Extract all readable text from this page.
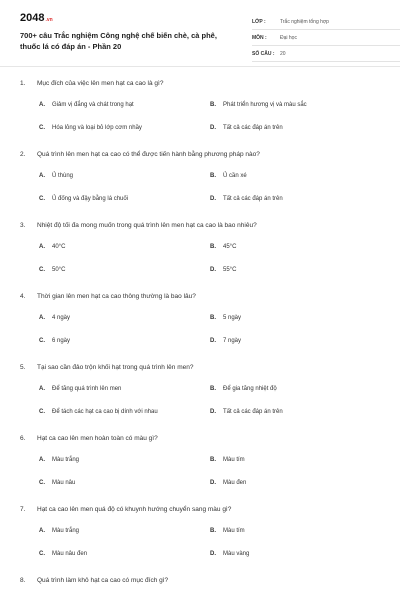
2048.vn
700+ câu Trắc nghiệm Công nghệ chế biến chè, cà phê, thuốc lá có đáp án - Phần 20
LỚP :	Trắc nghiệm tổng hợp
MÔN :	Đại học
SỐ CÂU :	20
1.	Mục đích của việc lên men hạt ca cao là gì?
A.	Giảm vị đắng và chát trong hạt	B.	Phát triển hương vị và màu sắc
C.	Hóa lỏng và loại bỏ lớp cơm nhầy	D.	Tất cả các đáp án trên
2.	Quá trình lên men hạt ca cao có thể được tiến hành bằng phương pháp nào?
A.	Ủ thùng	B.	Ủ cần xé
C.	Ủ đống và đậy bằng lá chuối	D.	Tất cả các đáp án trên
3.	Nhiệt độ tối đa mong muốn trong quá trình lên men hạt ca cao là bao nhiêu?
A.	40°C	B.	45°C
C.	50°C	D.	55°C
4.	Thời gian lên men hạt ca cao thông thường là bao lâu?
A.	4 ngày	B.	5 ngày
C.	6 ngày	D.	7 ngày
5.	Tại sao cần đảo trộn khối hạt trong quá trình lên men?
A.	Để tăng quá trình lên men	B.	Để gia tăng nhiệt độ
C.	Để tách các hạt ca cao bị dính với nhau	D.	Tất cả các đáp án trên
6.	Hạt ca cao lên men hoàn toàn có màu gì?
A.	Màu trắng	B.	Màu tím
C.	Màu nâu	D.	Màu đen
7.	Hạt ca cao lên men quá độ có khuynh hướng chuyển sang màu gì?
A.	Màu trắng	B.	Màu tím
C.	Màu nâu đen	D.	Màu vàng
8.	Quá trình làm khô hạt ca cao có mục đích gì?
